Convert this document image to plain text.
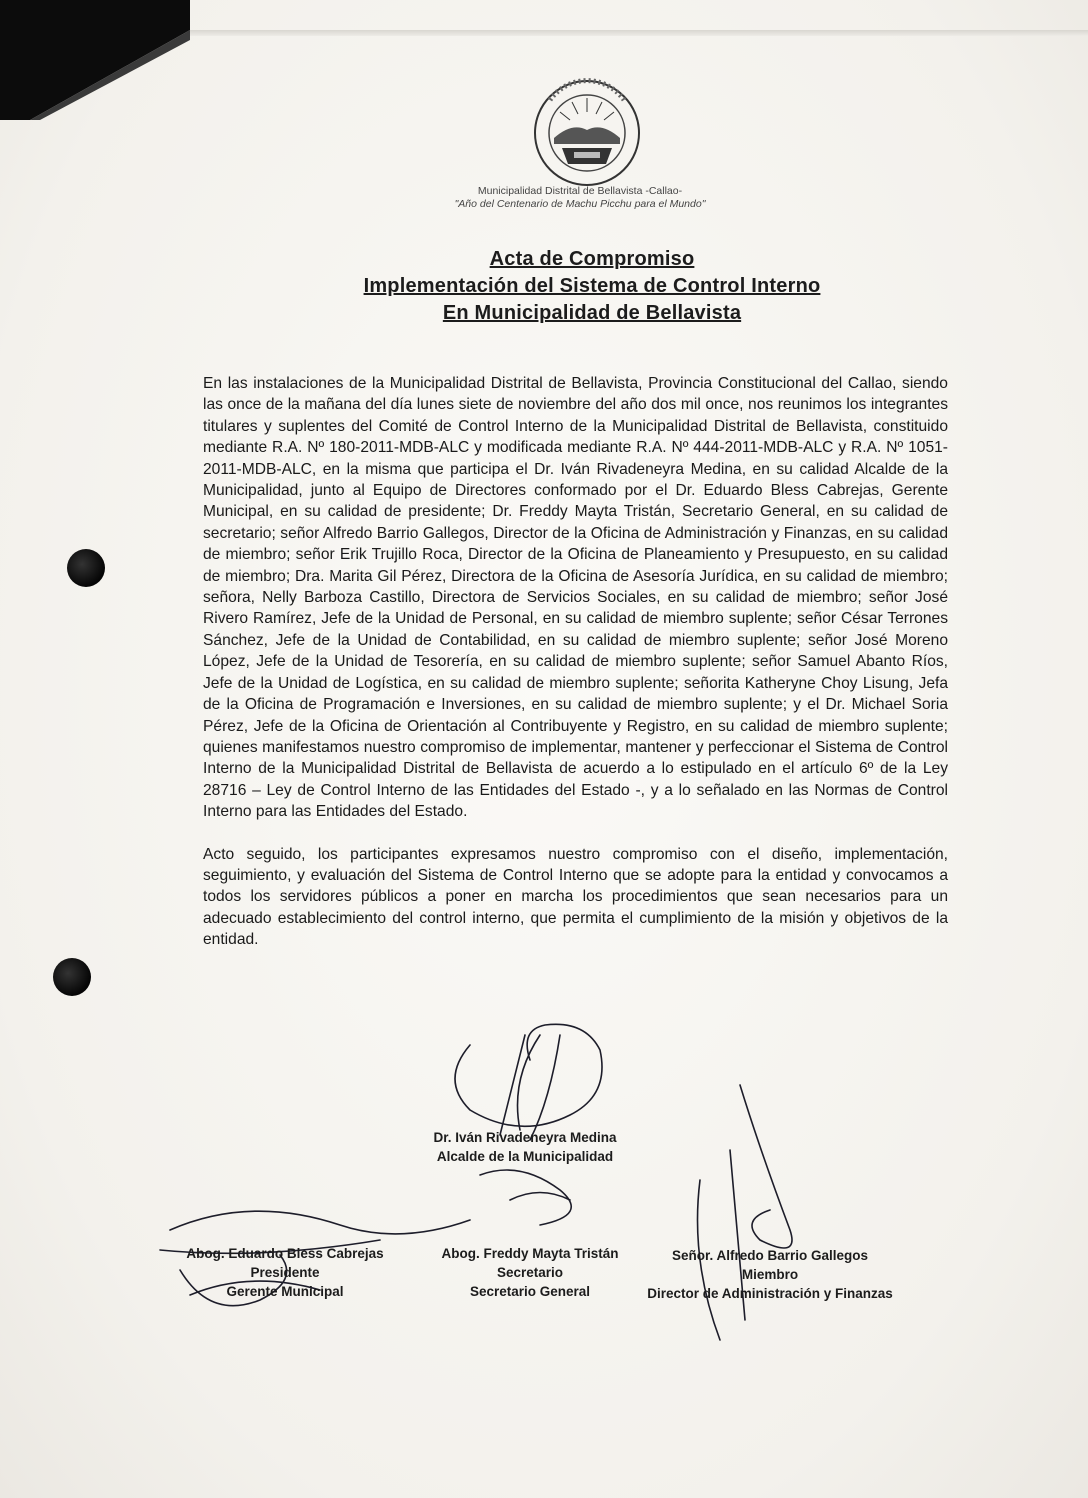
Municipalidad Distrital de Bellavista -Callao-
"Año del Centenario de Machu Picchu para el Mundo"
Acta de Compromiso
Implementación del Sistema de Control Interno
En Municipalidad de Bellavista

En las instalaciones de la Municipalidad Distrital de Bellavista, Provincia Constitucional del Callao, siendo las once de la mañana del día lunes siete de noviembre del año dos mil once, nos reunimos los integrantes titulares y suplentes del Comité de Control Interno de la Municipalidad Distrital de Bellavista, constituido mediante R.A. Nº 180-2011-MDB-ALC y modificada mediante R.A. Nº 444-2011-MDB-ALC y R.A. Nº 1051-2011-MDB-ALC, en la misma que participa el Dr. Iván Rivadeneyra Medina, en su calidad Alcalde de la Municipalidad, junto al Equipo de Directores conformado por el Dr. Eduardo Bless Cabrejas, Gerente Municipal, en su calidad de presidente; Dr. Freddy Mayta Tristán, Secretario General, en su calidad de secretario; señor Alfredo Barrio Gallegos, Director de la Oficina de Administración y Finanzas, en su calidad de miembro; señor Erik Trujillo Roca, Director de la Oficina de Planeamiento y Presupuesto, en su calidad de miembro; Dra. Marita Gil Pérez, Directora de la Oficina de Asesoría Jurídica, en su calidad de miembro; señora, Nelly Barboza Castillo, Directora de Servicios Sociales, en su calidad de miembro; señor José Rivero Ramírez, Jefe de la Unidad de Personal, en su calidad de miembro suplente; señor César Terrones Sánchez, Jefe de la Unidad de Contabilidad, en su calidad de miembro suplente; señor José Moreno López, Jefe de la Unidad de Tesorería, en su calidad de miembro suplente; señor Samuel Abanto Ríos, Jefe de la Unidad de Logística, en su calidad de miembro suplente; señorita Katheryne Choy Lisung, Jefa de la Oficina de Programación e Inversiones, en su calidad de miembro suplente; y el Dr. Michael Soria Pérez, Jefe de la Oficina de Orientación al Contribuyente y Registro, en su calidad de miembro suplente; quienes manifestamos nuestro compromiso de implementar, mantener y perfeccionar el Sistema de Control Interno de la Municipalidad Distrital de Bellavista de acuerdo a lo estipulado en el artículo 6º de la Ley 28716 – Ley de Control Interno de las Entidades del Estado -, y a lo señalado en las Normas de Control Interno para las Entidades del Estado.

Acto seguido, los participantes expresamos nuestro compromiso con el diseño, implementación, seguimiento, y evaluación del Sistema de Control Interno que se adopte para la entidad y convocamos a todos los servidores públicos a poner en marcha los procedimientos que sean necesarios para un adecuado establecimiento del control interno, que permita el cumplimiento de la misión y objetivos de la entidad.

Dr. Iván Rivadeneyra Medina
Alcalde de la Municipalidad
Abog. Eduardo Bless Cabrejas
Presidente
Gerente Municipal
Abog. Freddy Mayta Tristán
Secretario
Secretario General
Señor. Alfredo Barrio Gallegos
Miembro
Director de Administración y Finanzas
